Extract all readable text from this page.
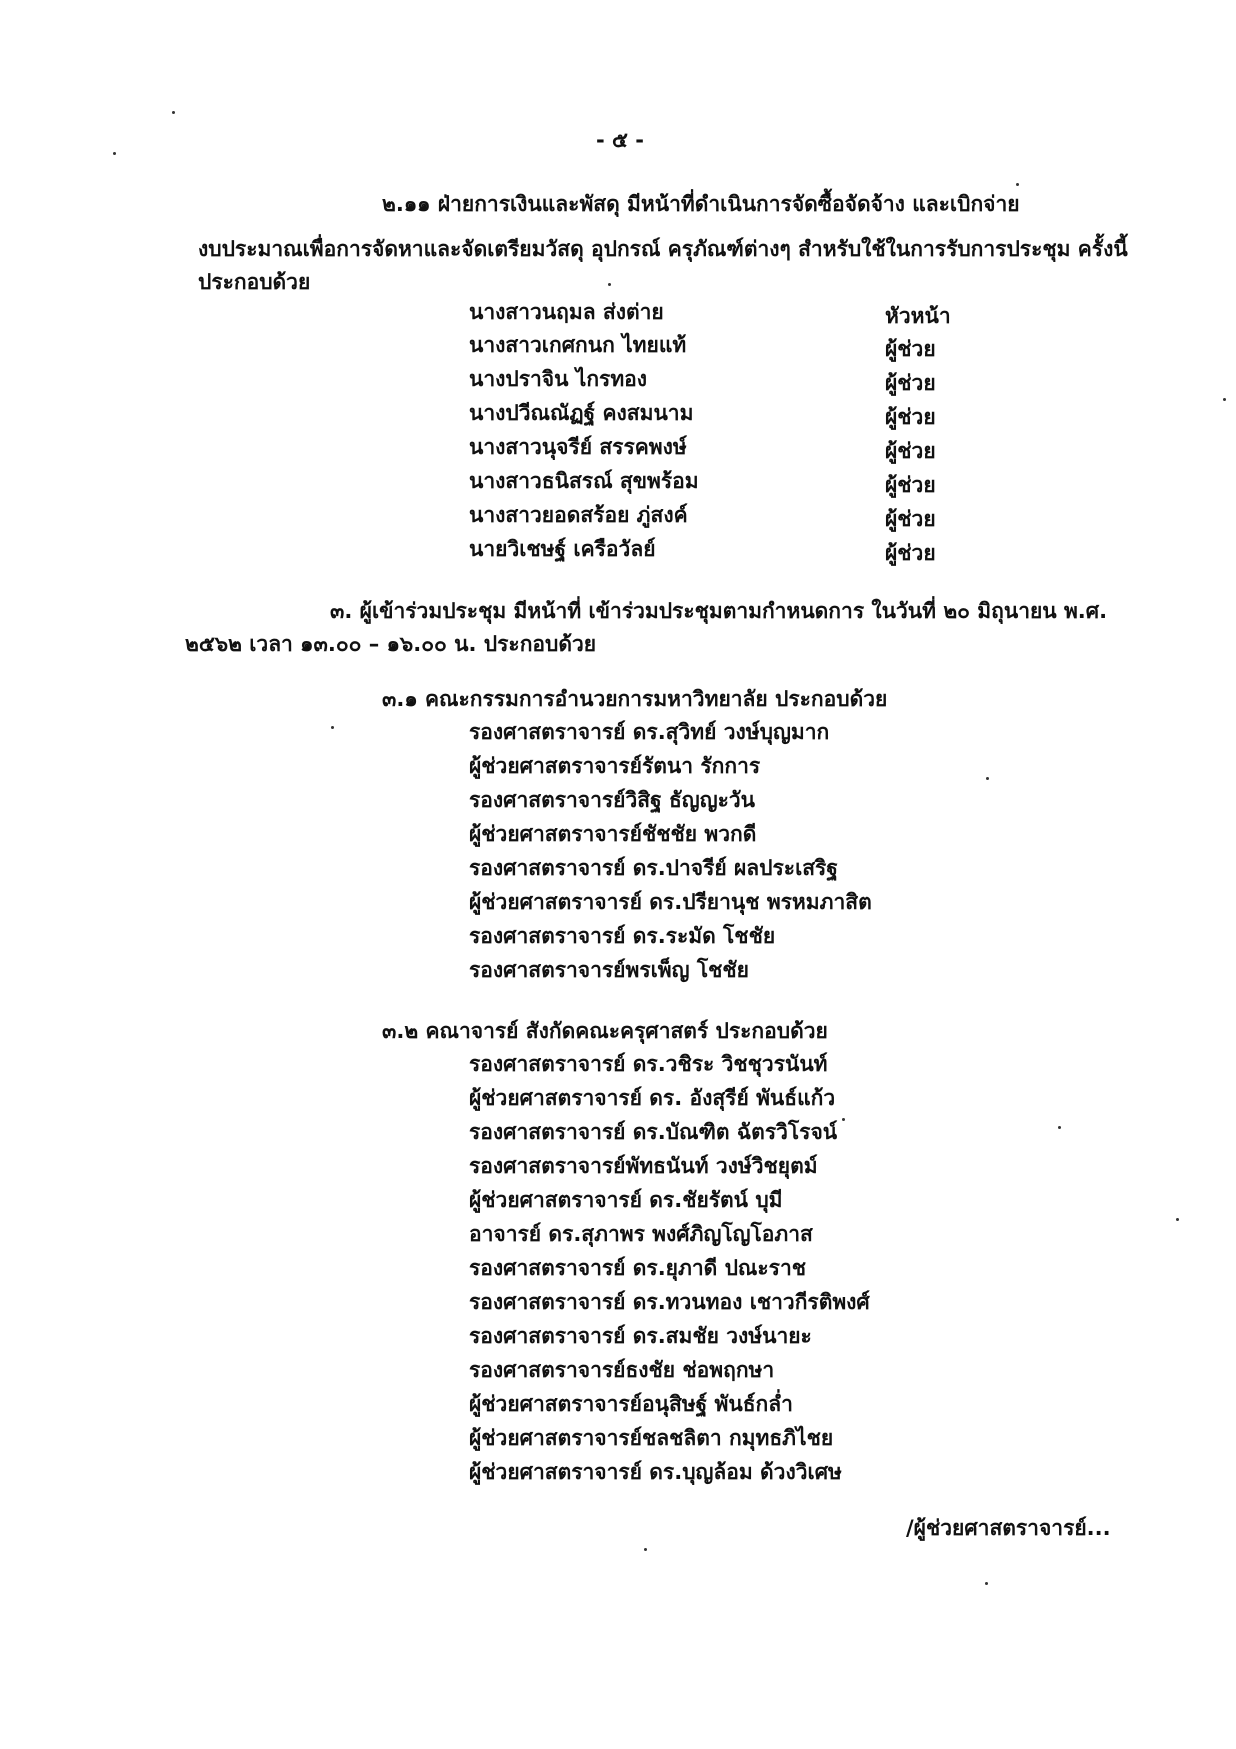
- ๕ -
๒.๑๑ ฝ่ายการเงินและพัสดุ มีหน้าที่ดำเนินการจัดซื้อจัดจ้าง และเบิกจ่าย
งบประมาณเพื่อการจัดหาและจัดเตรียมวัสดุ อุปกรณ์ ครุภัณฑ์ต่างๆ สำหรับใช้ในการรับการประชุม ครั้งนี้
ประกอบด้วย
นางสาวนฤมล ส่งต่าย	หัวหน้า
นางสาวเกศกนก ไทยแท้	ผู้ช่วย
นางปราจิน ไกรทอง	ผู้ช่วย
นางปวีณณัฏฐ์ คงสมนาม	ผู้ช่วย
นางสาวนุจรีย์ สรรคพงษ์	ผู้ช่วย
นางสาวธนิสรณ์ สุขพร้อม	ผู้ช่วย
นางสาวยอดสร้อย ภู่สงค์	ผู้ช่วย
นายวิเชษฐ์ เครือวัลย์	ผู้ช่วย
๓. ผู้เข้าร่วมประชุม มีหน้าที่ เข้าร่วมประชุมตามกำหนดการ ในวันที่ ๒๐ มิถุนายน พ.ศ.
๒๕๖๒ เวลา ๑๓.๐๐ – ๑๖.๐๐ น. ประกอบด้วย
๓.๑ คณะกรรมการอำนวยการมหาวิทยาลัย ประกอบด้วย
รองศาสตราจารย์ ดร.สุวิทย์ วงษ์บุญมาก
ผู้ช่วยศาสตราจารย์รัตนา รักการ
รองศาสตราจารย์วิสิฐ ธัญญะวัน
ผู้ช่วยศาสตราจารย์ชัชชัย พวกดี
รองศาสตราจารย์ ดร.ปาจรีย์ ผลประเสริฐ
ผู้ช่วยศาสตราจารย์ ดร.ปรียานุช พรหมภาสิต
รองศาสตราจารย์ ดร.ระมัด โชชัย
รองศาสตราจารย์พรเพ็ญ โชชัย
๓.๒ คณาจารย์ สังกัดคณะครุศาสตร์ ประกอบด้วย
รองศาสตราจารย์ ดร.วชิระ วิชชุวรนันท์
ผู้ช่วยศาสตราจารย์ ดร. อังสุรีย์ พันธ์แก้ว
รองศาสตราจารย์ ดร.บัณฑิต ฉัตรวิโรจน์
รองศาสตราจารย์พัทธนันท์ วงษ์วิชยุตม์
ผู้ช่วยศาสตราจารย์ ดร.ชัยรัตน์ บุมี
อาจารย์ ดร.สุภาพร พงศ์ภิญโญโอภาส
รองศาสตราจารย์ ดร.ยุภาดี ปณะราช
รองศาสตราจารย์ ดร.ทวนทอง เชาวกีรติพงศ์
รองศาสตราจารย์ ดร.สมชัย วงษ์นายะ
รองศาสตราจารย์ธงชัย ช่อพฤกษา
ผู้ช่วยศาสตราจารย์อนุสิษฐ์ พันธ์กล่ำ
ผู้ช่วยศาสตราจารย์ชลชลิตา กมุทธภิไชย
ผู้ช่วยศาสตราจารย์ ดร.บุญล้อม ด้วงวิเศษ
/ผู้ช่วยศาสตราจารย์...
